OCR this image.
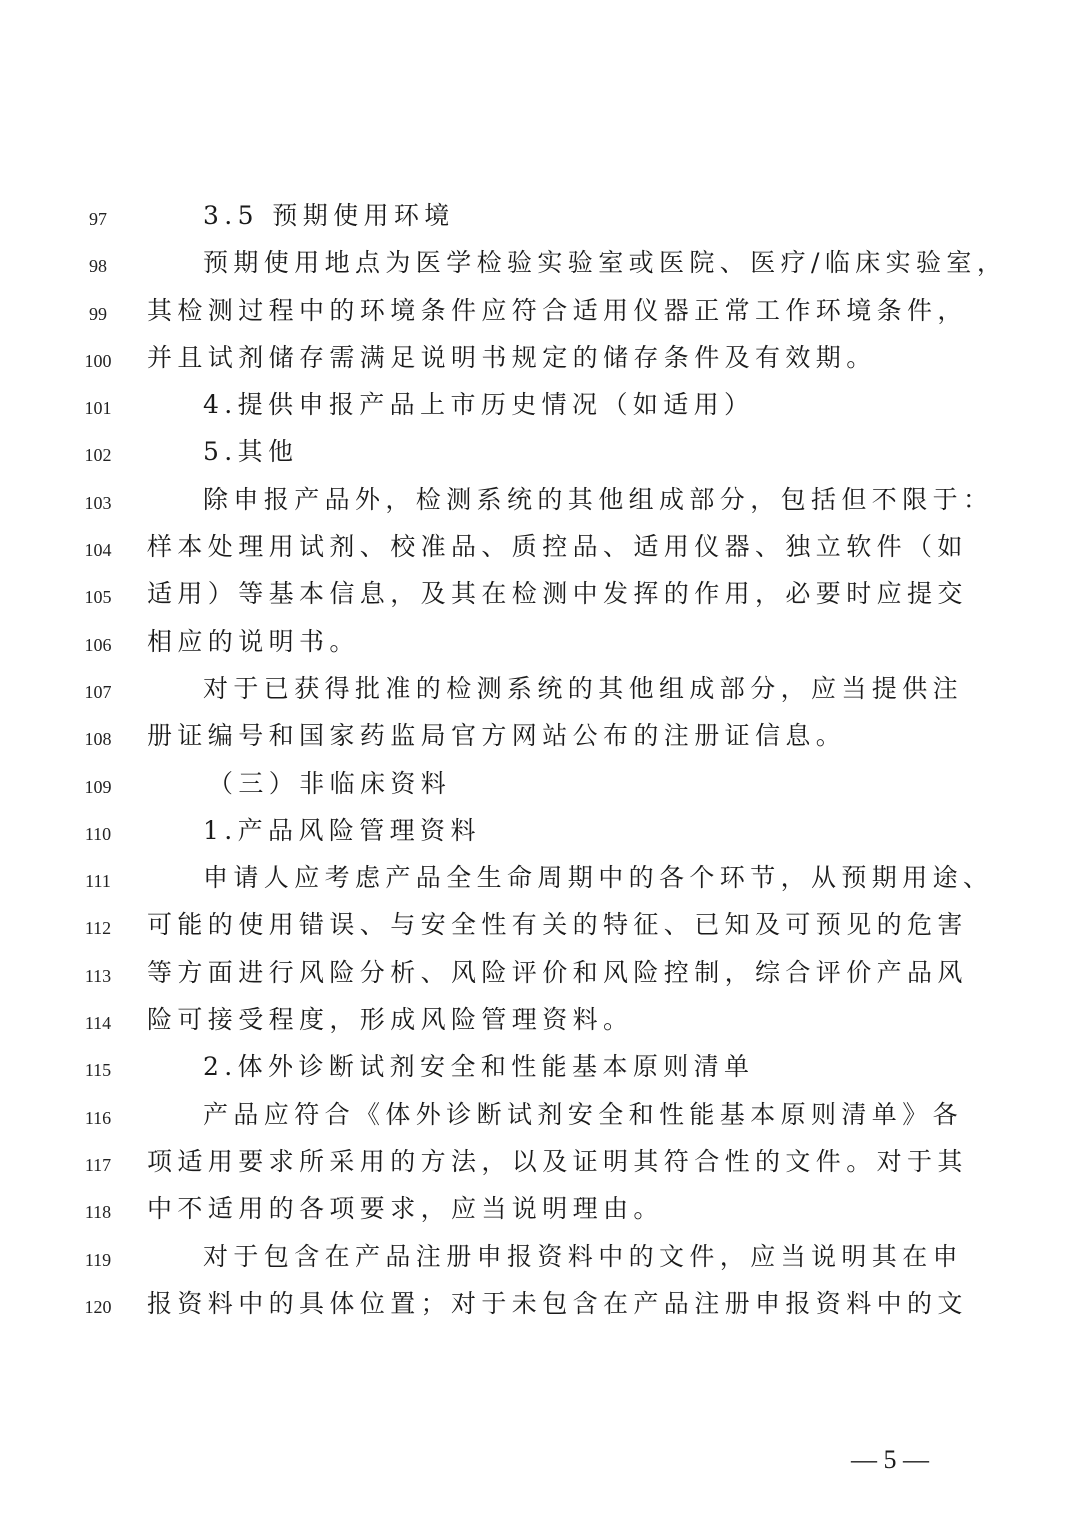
97	3.5 预期使用环境
98	预期使用地点为医学检验实验室或医院、医疗/临床实验室，
99	其检测过程中的环境条件应符合适用仪器正常工作环境条件，
100	并且试剂储存需满足说明书规定的储存条件及有效期。
101	4.提供申报产品上市历史情况（如适用）
102	5.其他
103	除申报产品外，检测系统的其他组成部分，包括但不限于：
104	样本处理用试剂、校准品、质控品、适用仪器、独立软件（如
105	适用）等基本信息，及其在检测中发挥的作用，必要时应提交
106	相应的说明书。
107	对于已获得批准的检测系统的其他组成部分，应当提供注
108	册证编号和国家药监局官方网站公布的注册证信息。
109	（三）非临床资料
110	1.产品风险管理资料
111	申请人应考虑产品全生命周期中的各个环节，从预期用途、
112	可能的使用错误、与安全性有关的特征、已知及可预见的危害
113	等方面进行风险分析、风险评价和风险控制，综合评价产品风
114	险可接受程度，形成风险管理资料。
115	2.体外诊断试剂安全和性能基本原则清单
116	产品应符合《体外诊断试剂安全和性能基本原则清单》各
117	项适用要求所采用的方法，以及证明其符合性的文件。对于其
118	中不适用的各项要求，应当说明理由。
119	对于包含在产品注册申报资料中的文件，应当说明其在申
120	报资料中的具体位置；对于未包含在产品注册申报资料中的文
— 5 —
